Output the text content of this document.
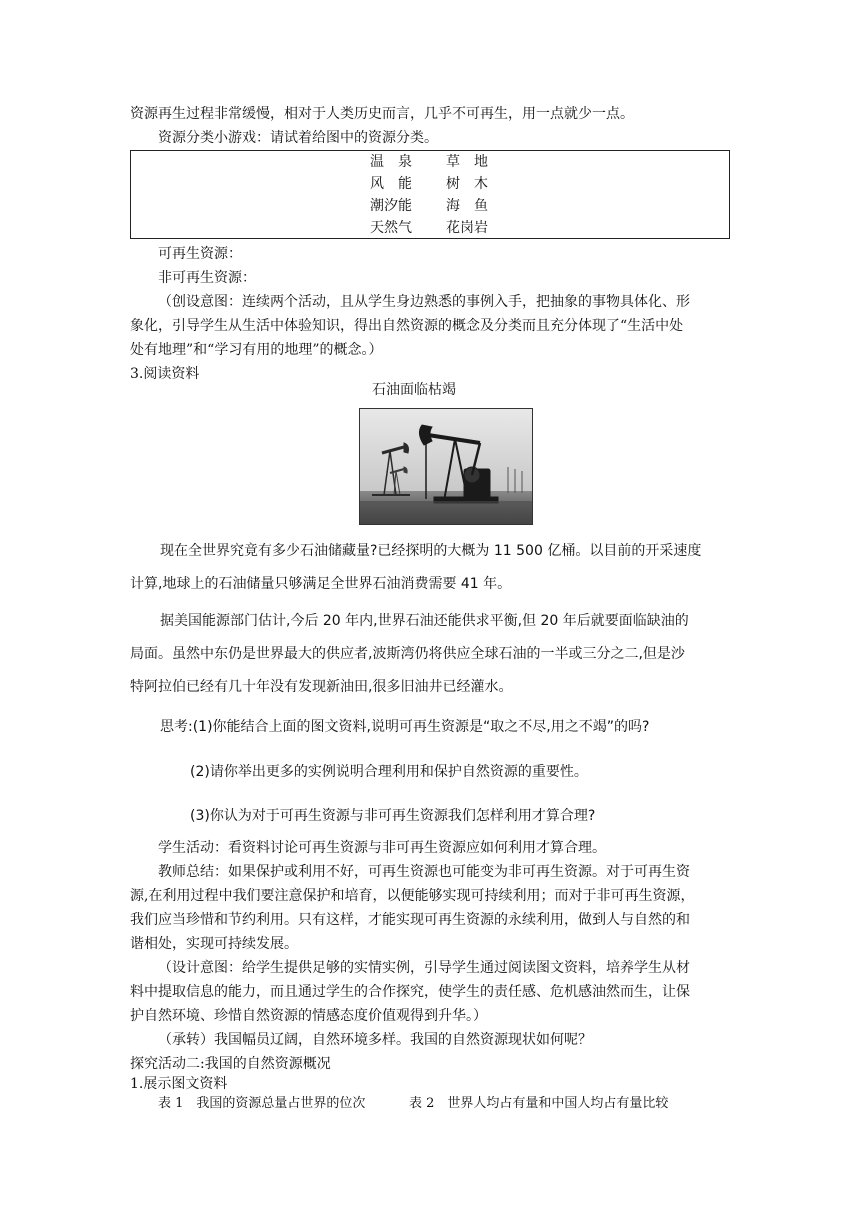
资源再生过程非常缓慢，相对于人类历史而言，几乎不可再生，用一点就少一点。
资源分类小游戏：请试着给图中的资源分类。
温　泉
风　能
潮汐能
天然气
草　地
树　木
海　鱼
花岗岩
可再生资源：
非可再生资源：
（创设意图：连续两个活动，且从学生身边熟悉的事例入手，把抽象的事物具体化、形
象化，引导学生从生活中体验知识，得出自然资源的概念及分类而且充分体现了“生活中处
处有地理”和“学习有用的地理”的概念。）
3.阅读资料
石油面临枯竭
现在全世界究竟有多少石油储藏量?已经探明的大概为 11 500 亿桶。以目前的开采速度
计算,地球上的石油储量只够满足全世界石油消费需要 41 年。
据美国能源部门估计,今后 20 年内,世界石油还能供求平衡,但 20 年后就要面临缺油的
局面。虽然中东仍是世界最大的供应者,波斯湾仍将供应全球石油的一半或三分之二,但是沙
特阿拉伯已经有几十年没有发现新油田,很多旧油井已经灌水。
思考:(1)你能结合上面的图文资料,说明可再生资源是“取之不尽,用之不竭”的吗?
(2)请你举出更多的实例说明合理利用和保护自然资源的重要性。
(3)你认为对于可再生资源与非可再生资源我们怎样利用才算合理?
学生活动：看资料讨论可再生资源与非可再生资源应如何利用才算合理。
教师总结：如果保护或利用不好，可再生资源也可能变为非可再生资源。对于可再生资
源,在利用过程中我们要注意保护和培育，以便能够实现可持续利用；而对于非可再生资源，
我们应当珍惜和节约利用。只有这样，才能实现可再生资源的永续利用，做到人与自然的和
谐相处，实现可持续发展。
（设计意图：给学生提供足够的实情实例，引导学生通过阅读图文资料，培养学生从材
料中提取信息的能力，而且通过学生的合作探究，使学生的责任感、危机感油然而生，让保
护自然环境、珍惜自然资源的情感态度价值观得到升华。）
（承转）我国幅员辽阔，自然环境多样。我国的自然资源现状如何呢？
探究活动二:我国的自然资源概况
1.展示图文资料
表 1　我国的资源总量占世界的位次	表 2　世界人均占有量和中国人均占有量比较
